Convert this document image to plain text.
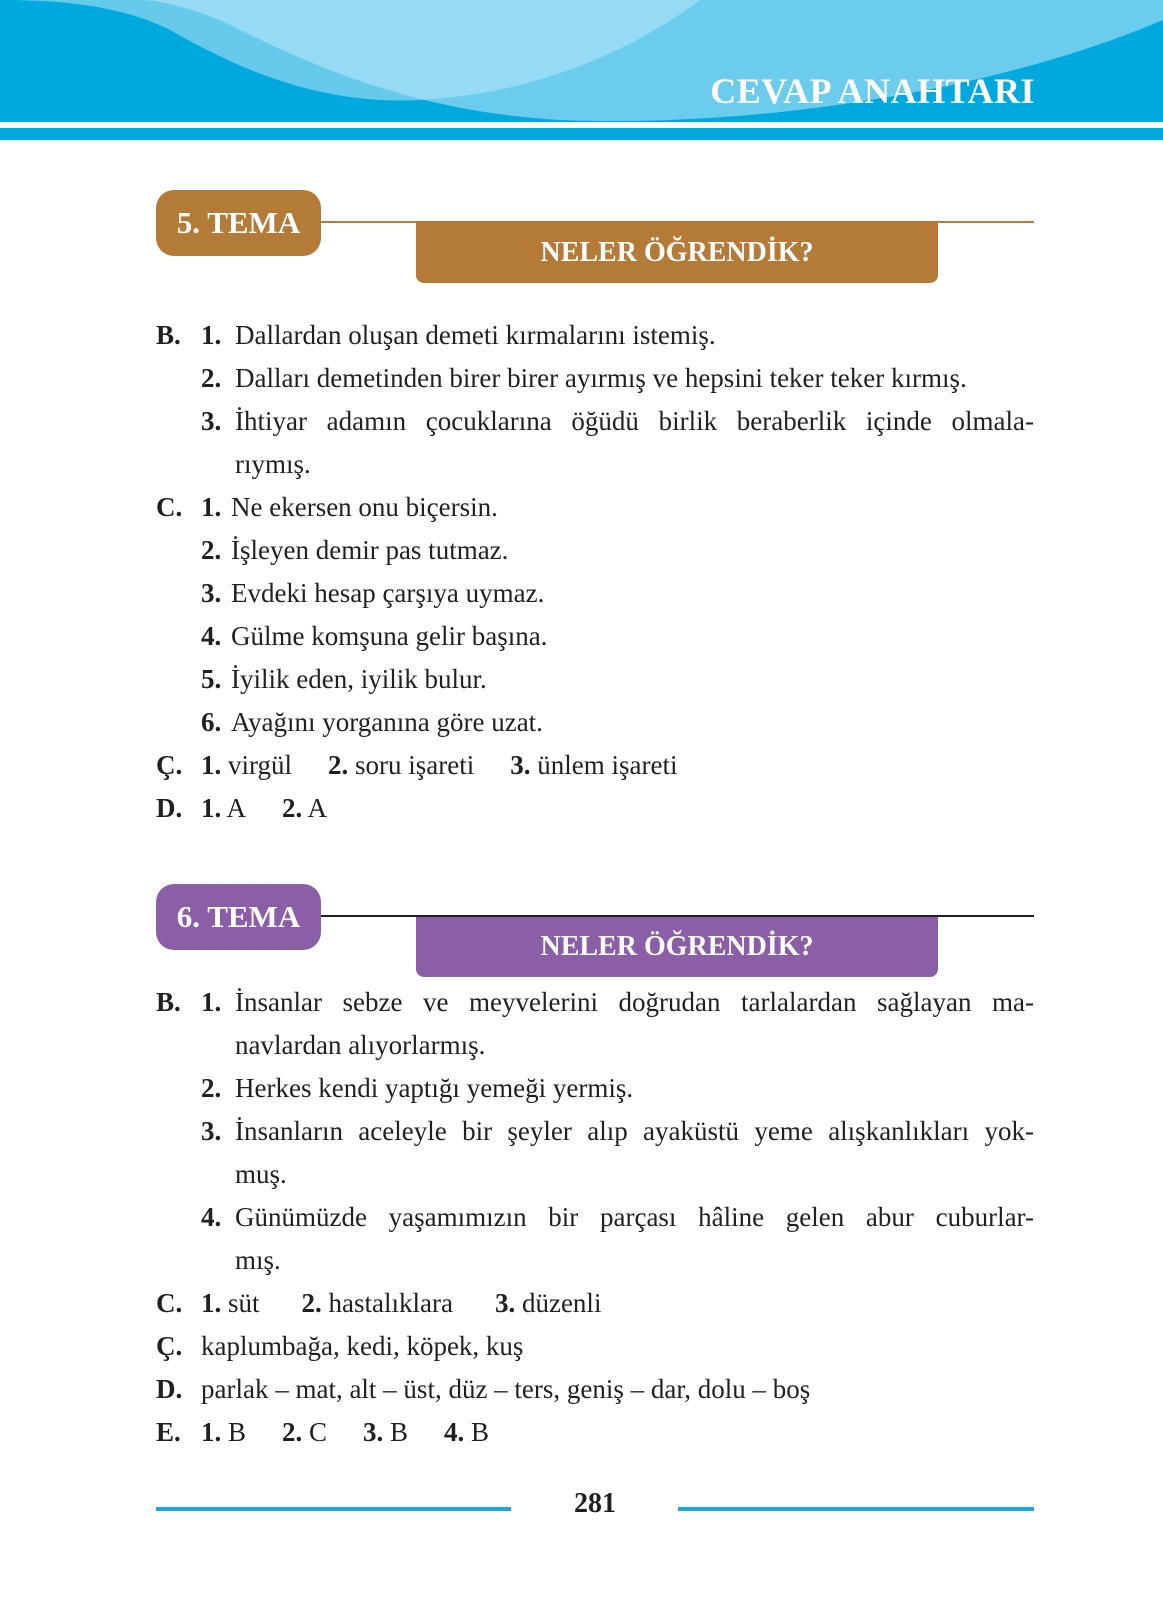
CEVAP ANAHTARI
5. TEMA
NELER ÖĞRENDİK?
B. 1. Dallardan oluşan demeti kırmalarını istemiş.
2. Dalları demetinden birer birer ayırmış ve hepsini teker teker kırmış.
3. İhtiyar adamın çocuklarına öğüdü birlik beraberlik içinde olmala-
rıymış.
C. 1. Ne ekersen onu biçersin.
2. İşleyen demir pas tutmaz.
3. Evdeki hesap çarşıya uymaz.
4. Gülme komşuna gelir başına.
5. İyilik eden, iyilik bulur.
6. Ayağını yorganına göre uzat.
Ç. 1. virgül 2. soru işareti 3. ünlem işareti
D. 1. A 2. A
6. TEMA
NELER ÖĞRENDİK?
B. 1. İnsanlar sebze ve meyvelerini doğrudan tarlalardan sağlayan ma-
navlardan alıyorlarmış.
2. Herkes kendi yaptığı yemeği yermiş.
3. İnsanların aceleyle bir şeyler alıp ayaküstü yeme alışkanlıkları yok-
muş.
4. Günümüzde yaşamımızın bir parçası hâline gelen abur cuburlar-
mış.
C. 1. süt 2. hastalıklara 3. düzenli
Ç. kaplumbağa, kedi, köpek, kuş
D. parlak – mat, alt – üst, düz – ters, geniş – dar, dolu – boş
E. 1. B 2. C 3. B 4. B
281
